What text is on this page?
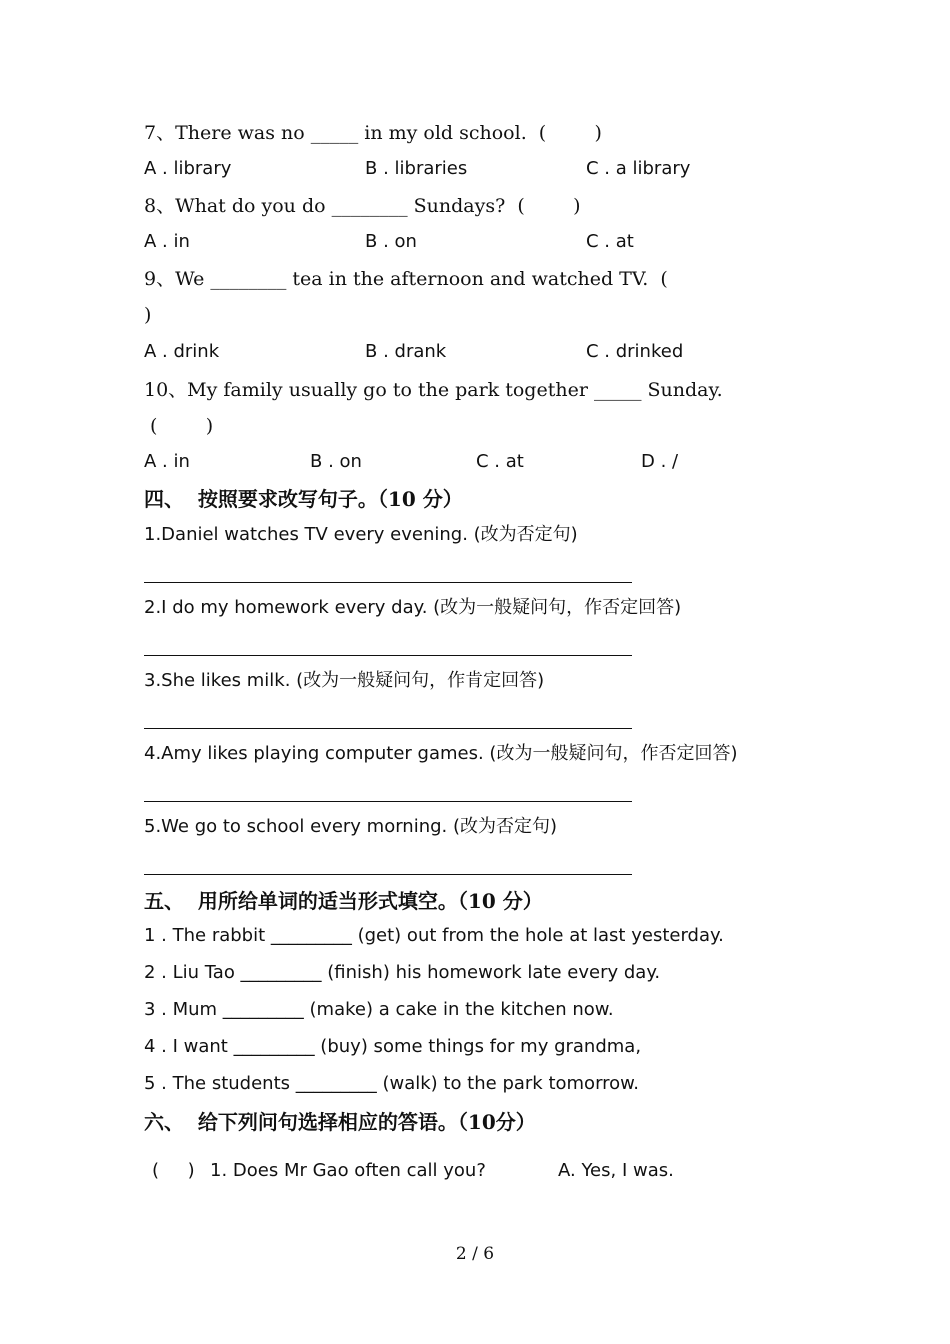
7、There was no _____ in my old school.  (        )
A . library	B . libraries	C . a library
8、What do you do ________ Sundays?  (        )
A . in	B . on	C . at
9、We ________ tea in the afternoon and watched TV.  (
)
A . drink	B . drank	C . drinked
10、My family usually go to the park together _____ Sunday.
(        )
A . in	B . on	C . at	D . /
四、  按照要求改写句子。（10 分）
1.Daniel watches TV every evening. (改为否定句)
2.I do my homework every day. (改为一般疑问句，作否定回答)
3.She likes milk. (改为一般疑问句，作肯定回答)
4.Amy likes playing computer games. (改为一般疑问句，作否定回答)
5.We go to school every morning. (改为否定句)
五、  用所给单词的适当形式填空。（10 分）
1 . The rabbit _________ (get) out from the hole at last yesterday.
2 . Liu Tao _________ (finish) his homework late every day.
3 . Mum _________ (make) a cake in the kitchen now.
4 . I want _________ (buy) some things for my grandma,
5 . The students _________ (walk) to the park tomorrow.
六、  给下列问句选择相应的答语。（10分）
(     ) 1. Does Mr Gao often call you?	A. Yes, I was.
2 / 6
